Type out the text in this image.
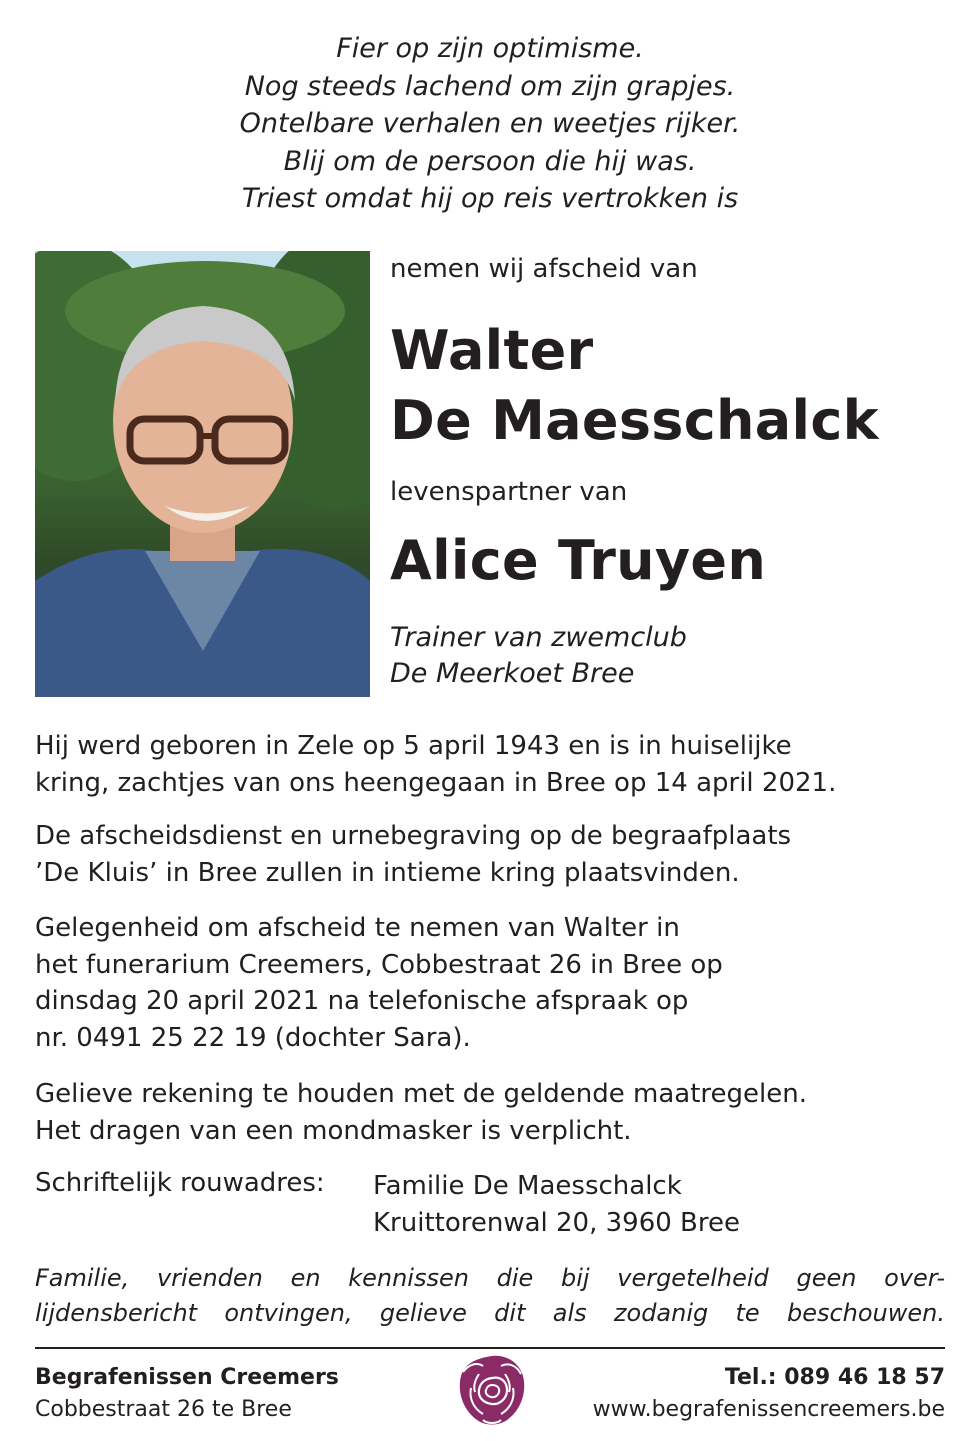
Fier op zijn optimisme.
Nog steeds lachend om zijn grapjes.
Ontelbare verhalen en weetjes rijker.
Blij om de persoon die hij was.
Triest omdat hij op reis vertrokken is
nemen wij afscheid van
Walter
De Maesschalck
levenspartner van
Alice Truyen
Trainer van zwemclub
De Meerkoet Bree
Hij werd geboren in Zele op 5 april 1943 en is in huiselijke
kring, zachtjes van ons heengegaan in Bree op 14 april 2021.
De afscheidsdienst en urnebegraving op de begraafplaats
’De Kluis’ in Bree zullen in intieme kring plaatsvinden.
Gelegenheid om afscheid te nemen van Walter in
het funerarium Creemers, Cobbestraat 26 in Bree op
dinsdag 20 april 2021 na telefonische afspraak op
nr. 0491 25 22 19 (dochter Sara).
Gelieve rekening te houden met de geldende maatregelen.
Het dragen van een mondmasker is verplicht.
Schriftelijk rouwadres: Familie De Maesschalck
Kruittorenwal 20, 3960 Bree
Familie, vrienden en kennissen die bij vergetelheid geen over-
lijdensbericht ontvingen, gelieve dit als zodanig te beschouwen.
Begrafenissen Creemers
Cobbestraat 26 te Bree
Tel.: 089 46 18 57
www.begrafenissencreemers.be
